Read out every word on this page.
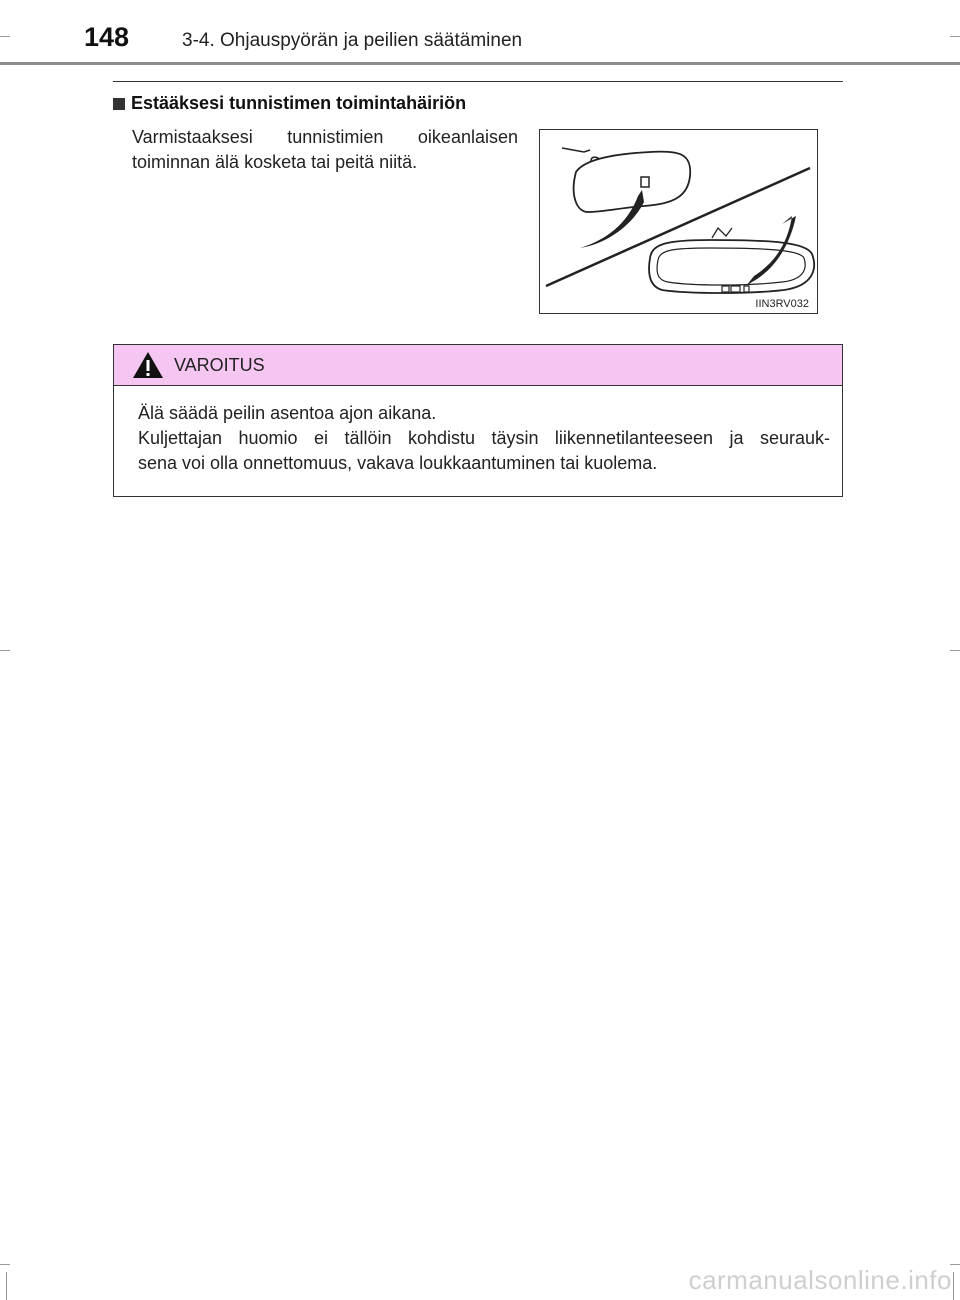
148	3-4. Ohjauspyörän ja peilien säätäminen
Estääksesi tunnistimen toimintahäiriön
Varmistaaksesi tunnistimien oikeanlaisen
toiminnan älä kosketa tai peitä niitä.
IIN3RV032
VAROITUS

Älä säädä peilin asentoa ajon aikana.

Kuljettajan huomio ei tällöin kohdistu täysin liikennetilanteeseen ja seurauk-

sena voi olla onnettomuus, vakava loukkaantuminen tai kuolema.

carmanualsonline.info
